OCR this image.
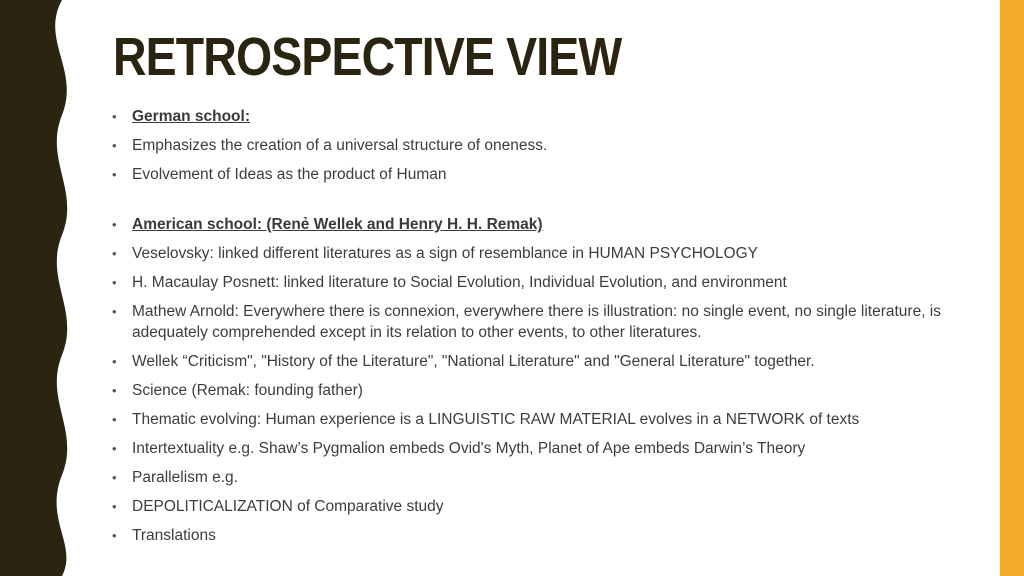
RETROSPECTIVE VIEW
• German school:
• Emphasizes the creation of a universal structure of oneness.
• Evolvement of Ideas as the product of Human
• American school: (Renẻ Wellek and Henry H. H. Remak)
• Veselovsky: linked different literatures as a sign of resemblance in HUMAN PSYCHOLOGY
• H. Macaulay Posnett: linked literature to Social Evolution, Individual Evolution, and environment
• Mathew Arnold: Everywhere there is connexion, everywhere there is illustration: no single event, no single literature, is adequately comprehended except in its relation to other events, to other literatures.
• Wellek “Criticism", "History of the Literature", "National Literature" and "General Literature" together.
• Science (Remak: founding father)
• Thematic evolving: Human experience is a LINGUISTIC RAW MATERIAL evolves in a NETWORK of texts
• Intertextuality e.g. Shaw’s Pygmalion embeds Ovid's Myth, Planet of Ape embeds Darwin’s Theory
• Parallelism e.g.
• DEPOLITICALIZATION of Comparative study
• Translations
